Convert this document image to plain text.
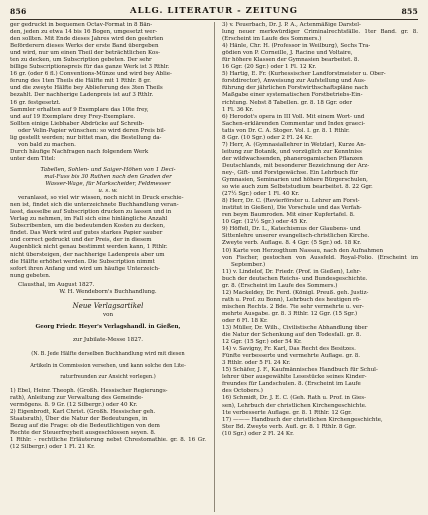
856	ALLG. LITERATUR - ZEITUNG	855

ger gedruckt in bequemen Octav-Format in 8 Bän-

den, jeden zu etwa 14 bis 16 Bogen, umgesetzt wer-

den sollten. Mit Ende dieses Jahres wird den geehrten

Beförderern dieses Werks der erste Band übergeben

und wird, nur um einen Theil der beträchtlichen Kos-

ten zu decken, um Subscription gebeten. Der sehr

billige Subscriptionspreis für das ganze Werk ist 3 Rthlr.

16 gr. (oder 6 fl.) Conventions-Münze und wird bey Ablie-

ferung des 1ten Theils die Hälfte mit 1 Rthlr. 8 gr.

und die zweyte Hälfte bey Ablieferung des 3ten Theils

bezahlt. Der nachherige Ladenpreis ist auf 3 Rthlr.

16 gr. festgesetzt.

Sammler erhalten auf 9 Exemplare das 10te frey,

und auf 19 Exemplare drey Frey-Exemplare.

Sollten einige Liebhaber Abdrücke auf Schreib-

oder Velin-Papier wünschen: so wird deren Preis bil-

lig gestellt werden; nur bittet man, die Bestellung da-

von bald zu machen.

Durch häufige Nachfragen nach folgendem Werk

unter dem Titel:

Tabellen, Sohlen- und Saiger-Höhen von 1 Deci-

mal-Fuss bis 30 Ruthen nach den Graden der

Wasser-Wage, für Markscheider, Feldmesser

u. s. w.

veranlasst, so viel wir wissen, noch nicht in Druck erschie-

nen ist, findet sich die unterzeichnete Buchhandlung veran-

lasst, dasselbe auf Subscription drucken zu lassen und in

Verlag zu nehmen, im Fall sich eine hinlängliche Anzahl

Subscribenten, um die bedeutenden Kosten zu decken,

findet. Das Werk wird auf gutes starkes Papier sauber

und correct gedruckt und der Preis, der in diesem

Augenblick nicht genau bestimmt werden kann, 1 Rthlr.

nicht übersteigen, der nachherige Ladenpreis aber um

die Hälfte erhöhet werden. Die Subscription nimmt

sofort ihren Anfang und wird um häufige Unterzeich-

nung gebeten.

Clausthal, im August 1827.

W. H. Wendeborn's Buchhandlung.

Neue Verlagsartikel

von

Georg Friedr. Heyer's Verlagshandl. in Gießen,

zur Jubilate-Messe 1827.

(N. B. Jede Hälfte derselben Buchhandlung wird mit diesen

Artikeln in Commission versehen, und kann solche den Lite-

raturfreunden zur Ansicht vorlegen.)

1) Ebel, Heinr. Theoph. (Großh. Hessischer Regierungs-

rath), Anleitung zur Verwaltung des Gemeinde-

vermögens. 8. 9 Gr. (12 Silbergr.) oder 40 Kr.

2) Eigenbrodt, Karl Christ. (Großh. Hessischer geh.

Staatsrath), Über die Natur der Bedeutungen, in

Bezug auf die Frage: ob die Bedeutlichtigen von dem

Rechte der Steuerfreyheit ausgeschlossen seyen. 8.

1 Rthlr. - rechtliche Erläuterung nebst Chrestomathie. gr. 8. 16 Gr. (12 Silbergr.) oder 1 Fl. 21 Kr.

3) v. Feuerbach, Dr. J. P. A., Actenmäßige Darstel-

lung neuer merkwürdiger Criminalrechtsfälle. 1ter Band. gr. 8. (Erscheint im Laufe des Sommers.)

4) Hänle, Chr. H. (Professor in Weilburg), Sechs Tra-

gödien von P. Corneille, J. Racine und Voltaire,

für höhere Klassen der Gymnasien bearbeitet. 8.

16 Ggr. (20 Sgr.) oder 1 Fl. 12 Kr.

5) Hartig, E. Fr. (Kurhessischer Landforstmeister u. Ober-

forstdirector), Anweisung zur Aufstellung und Aus-

führung der jährlichen Forstwirthschaftspläne nach

Maßgabe einer systematischen Forstbetriebs-Ein-

richtung. Nebst 8 Tabellen. gr. 8. 18 Ggr. oder

1 Fl. 36 Kr.

6) Herodot's opera in III Voll. Mit einem Wort- und

Sachen-erklärenden Commentar und Index graeci-

tatis von Dr. C. A. Stoger. Vol. I. gr. 8. 1 Rthlr.

8 Ggr. (10 Sgr.) oder 2 Fl. 24 Kr.

7) Herr, A. (Gymnasiallehrer in Wetzlar), Kurze An-

leitung zur Botanik, und vorzüglich zur Kenntniss

der wildwachsenden, phanerogamischen Pflanzen

Deutschlands, mit besonderer Bezeichnung der Arz-

ney-, Gift- und Forstgewächse. Ein Lehrbuch für

Gymnasien, Seminarien und höhere Bürgerschulen,

so wie auch zum Selbststudium bearbeitet. 8. 22 Ggr.

(27½ Sgr.) oder 1 Fl. 40 Kr.

8) Herr, Dr. C. (Revierförster u. Lehrer am Forst-

institut in Gießen), Die Vorschule und das Verfah-

ren beym Baumroden. Mit einer Kupfertafel. 8.

10 Ggr. (12½ Sgr.) oder 45 Kr.

9) Höffell, Dr. L., Katechismus der Glaubens- und

Sittenlehre unserer evangelisch-christlichen Kirche.

Zweyte verb. Auflage. 8. 4 Ggr. (5 Sgr.) od. 18 Kr.

10) Karte von Herzogthum Nassau, nach den Aufnahmen

von Fischer, gestochen von Aussfeld. Royal-Folio. (Erscheint im September.)

11) v. Lindelof, Dr. Friedr. (Prof. in Gießen), Lehr-

buch der deutschen Reichs- und Bundesgeschichte.

gr. 8. (Erscheint im Laufe des Sommers.)

12) Mackeldey, Dr. Ferd. (Königl. Preuß. geh. Justiz-

rath u. Prof. zu Bonn), Lehrbuch des heutigen rö-

mischen Rechts. 2 Bde. 7te sehr vermehrte u. ver-

mehrte Ausgabe. gr. 8. 3 Rthlr. 12 Ggr. (15 Sgr.)

oder 6 Fl. 18 Kr.

13) Müller, Dr. Wilh., Civilistische Abhandlung über

die Natur der Schenkung auf den Todesfall. gr. 8.

12 Ggr. (15 Sgr.) oder 54 Kr.

14) v. Savigny, Fr. Karl, Das Recht des Besitzes.

Fünfte verbesserte und vermehrte Auflage. gr. 8.

3 Rthlr. oder 5 Fl. 24 Kr.

15) Schäfer, J. F., Kaufmännisches Handbuch für Schul-

lehrer über ausgewählte Lesestücke seines Kinder-

freundes für Landschulen. 8. (Erscheint im Laufe

des Octobers.)

16) Schmidt, Dr. J. E. C. (Geh. Rath u. Prof. in Gies-

sen), Lehrbuch der christlichen Kirchengeschichte.

1te verbesserte Auflage. gr. 8. 1 Rthlr. 12 Ggr.

17) ——— Handbuch der christlichen Kirchengeschichte,

Ster Bd. Zweyte verb. Aufl. gr. 8. 1 Rthlr. 8 Ggr.

(10 Sgr.) oder 2 Fl. 24 Kr.
